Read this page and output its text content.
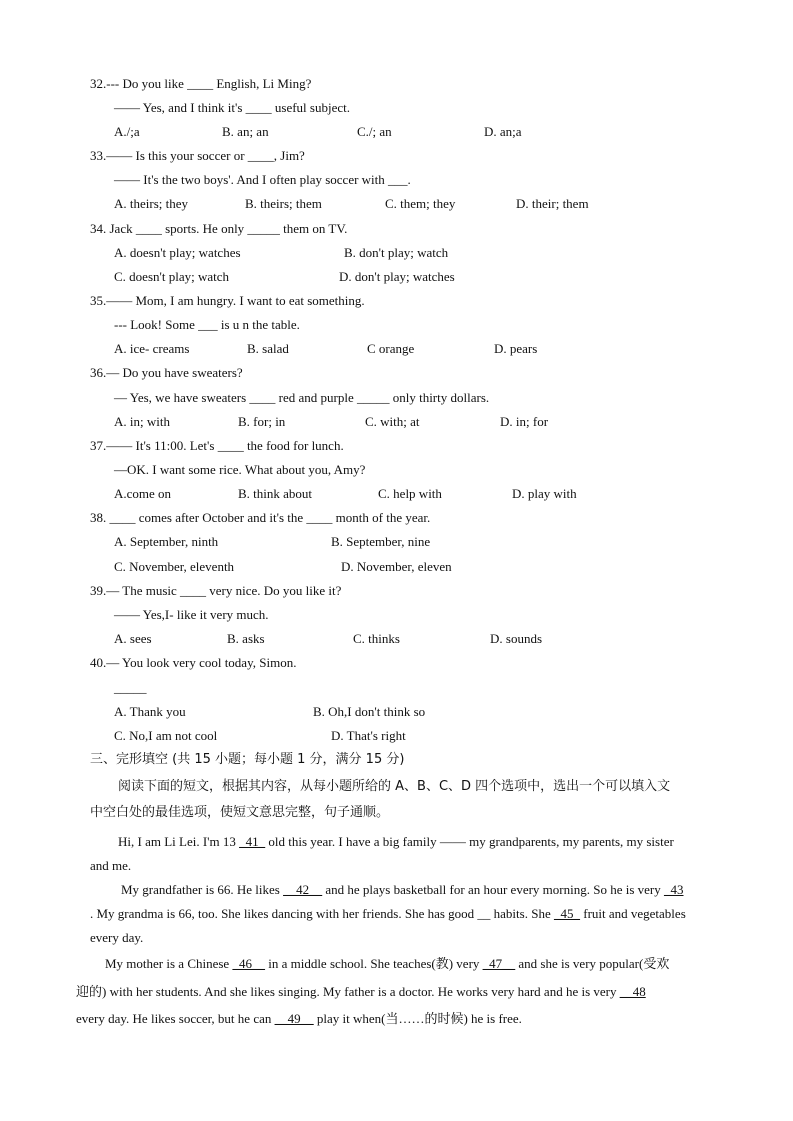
32.--- Do you like ____ English, Li Ming?
—— Yes, and I think it's ____ useful subject.
A./;a	B. an; an	C./; an	D. an;a
33.—— Is this your soccer or ____, Jim?
—— It's the two boys'. And I often play soccer with ___.
A. theirs; they	B. theirs; them	C. them; they	D. their; them
34. Jack ____ sports. He only _____ them on TV.
A. doesn't play; watches	B. don't play; watch
C. doesn't play; watch	D. don't play; watches
35.—— Mom, I am hungry. I want to eat something.
--- Look! Some ___ is u n the table.
A. ice- creams	B. salad	C orange	D. pears
36.— Do you have sweaters?
— Yes, we have sweaters ____ red and purple _____ only thirty dollars.
A. in; with	B. for; in	C. with; at	D. in; for
37.—— It's 11:00. Let's ____ the food for lunch.
—OK. I want some rice. What about you, Amy?
A.come on	B. think about	C. help with	D. play with
38. ____ comes after October and it's the ____ month of the year.
A. September, ninth	B. September, nine
C. November, eleventh	D. November, eleven
39.— The music ____ very nice. Do you like it?
—— Yes,I- like it very much.
A. sees	B. asks	C. thinks	D. sounds
40.— You look very cool today, Simon.
_____
A. Thank you	B. Oh,I don't think so
C. No,I am not cool	D. That's right
三、完形填空 (共 15 小题；每小题 1 分，满分 15 分)
阅读下面的短文，根据其内容，从每小题所给的 A、B、C、D 四个选项中，选出一个可以填入文
中空白处的最佳选项，使短文意思完整，句子通顺。
Hi, I am Li Lei. I'm 13 _41_ old this year. I have a big family —— my grandparents, my parents, my sister
and me.
My grandfather is 66. He likes __42__ and he plays basketball for an hour every morning. So he is very _43
. My grandma is 66, too. She likes dancing with her friends. She has good __ habits. She _45_ fruit and vegetables
every day.
My mother is a Chinese _46__ in a middle school. She teaches(教) very _47__ and she is very popular(受欢
迎的) with her students. And she likes singing. My father is a doctor. He works very hard and he is very __48
every day. He likes soccer, but he can __49__ play it when(当……的时候) he is free.
